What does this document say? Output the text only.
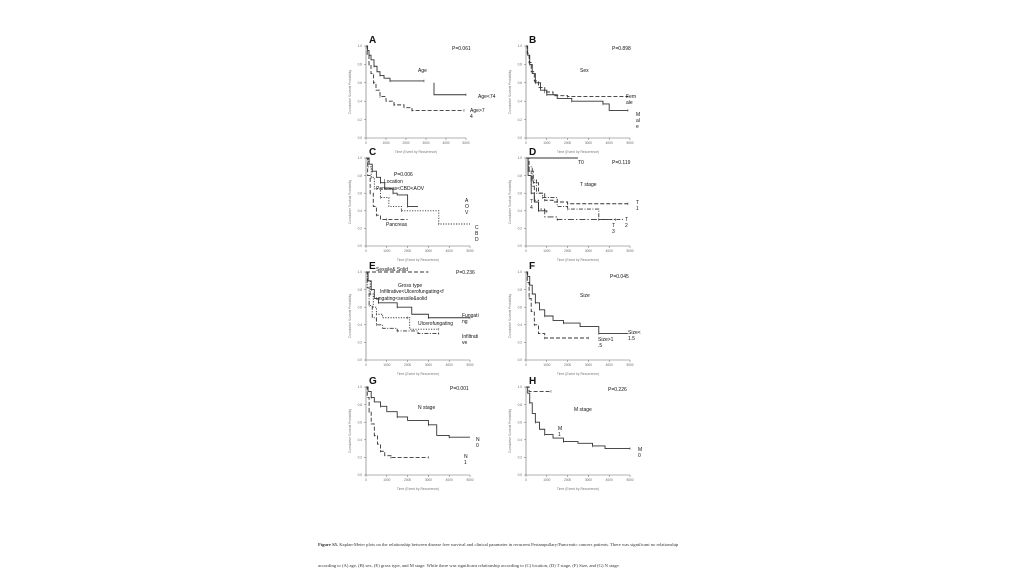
0.0
0.2
0.4
0.6
0.8
1.0
0	1000	2000	3000	4000	5000
Time (Event by Recurrence)
Cumulative Survival Probability
A
P=0.061
Age
Age<74
Age>7
4
0.0
0.2
0.4
0.6
0.8
1.0
0	1000	2000	3000	4000	5000
Time (Event by Recurrence)
Cumulative Survival Probability
B
P=0.898
Sex
Fem
ale
M
al
e
0.0
0.2
0.4
0.6
0.8
1.0
0	1000	2000	3000	4000	5000
Time (Event by Recurrence)
Cumulative Survival Probability
C
P=0.006
Location
Pancreas<CBD<AOV
A
O
V
C
B
D
Pancreas
0.0
0.2
0.4
0.6
0.8
1.0
0	1000	2000	3000	4000	5000
Time (Event by Recurrence)
Cumulative Survival Probability
D
P=0.119
T stage
T0
T
1
T
2
T
3
T
4
0.0
0.2
0.4
0.6
0.8
1.0
0	1000	2000	3000	4000	5000
Time (Event by Recurrence)
Cumulative Survival Probability
E
P=0.236
Gross type
Infiltrative<Ulcerofungating<f
ungating<sessile&solid
Sessile& Solid
Fungati
ng
Ulcerofungating
Infiltrati
ve
0.0
0.2
0.4
0.6
0.8
1.0
0	1000	2000	3000	4000	5000
Time (Event by Recurrence)
Cumulative Survival Probability
F
P=0.045
Size
Size<
1.5
Size>1
.5
0.0
0.2
0.4
0.6
0.8
1.0
0	1000	2000	3000	4000	5000
Time (Event by Recurrence)
Cumulative Survival Probability
G
P=0.001
N stage
N
0
N
1
0.0
0.2
0.4
0.6
0.8
1.0
0	1000	2000	3000	4000	5000
Time (Event by Recurrence)
Cumulative Survival Probability
H
P=0.226
M stage
M
1
M
0
Figure S5. Kaplan-Meier plots on the relationship between disease free survival and clinical parameter in recurrent Periampullary/Pancreatic cancers patients. There was significant no relationship
according to (A) age, (B) sex, (E) gross type, and M stage. While there was significant relationship according to (C) location, (D) T stage, (F) Size, and (G) N stage.
